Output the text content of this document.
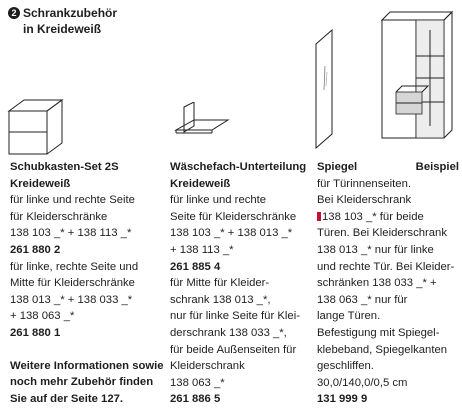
2 Schrankzubehör
in Kreideweiß
Schubkasten-Set 2S
Kreideweiß
für linke und rechte Seite
für Kleiderschränke
138 103 _* + 138 113 _*
261 880 2
für linke, rechte Seite und
Mitte für Kleiderschränke
138 013 _* + 138 033 _*
+ 138 063 _*
261 880 1
Weitere Informationen sowie
noch mehr Zubehör finden
Sie auf der Seite 127.
Wäschefach-Unterteilung
Kreideweiß
für linke und rechte
Seite für Kleiderschränke
138 103 _* + 138 013 _*
+ 138 113 _*
261 885 4
für Mitte für Kleider-
schrank 138 013 _*,
nur für linke Seite für Klei-
derschrank 138 033 _*,
für beide Außenseiten für
Kleiderschrank
138 063 _*
261 886 5
Spiegel	Beispiel
für Türinnenseiten.
Bei Kleiderschrank
138 103 _* für beide
Türen. Bei Kleiderschrank
138 013 _* nur für linke
und rechte Tür. Bei Kleider-
schränken 138 033 _* +
138 063 _* nur für
lange Türen.
Befestigung mit Spiegel-
klebeband, Spiegelkanten
geschliffen.
30,0/140,0/0,5 cm
131 999 9
